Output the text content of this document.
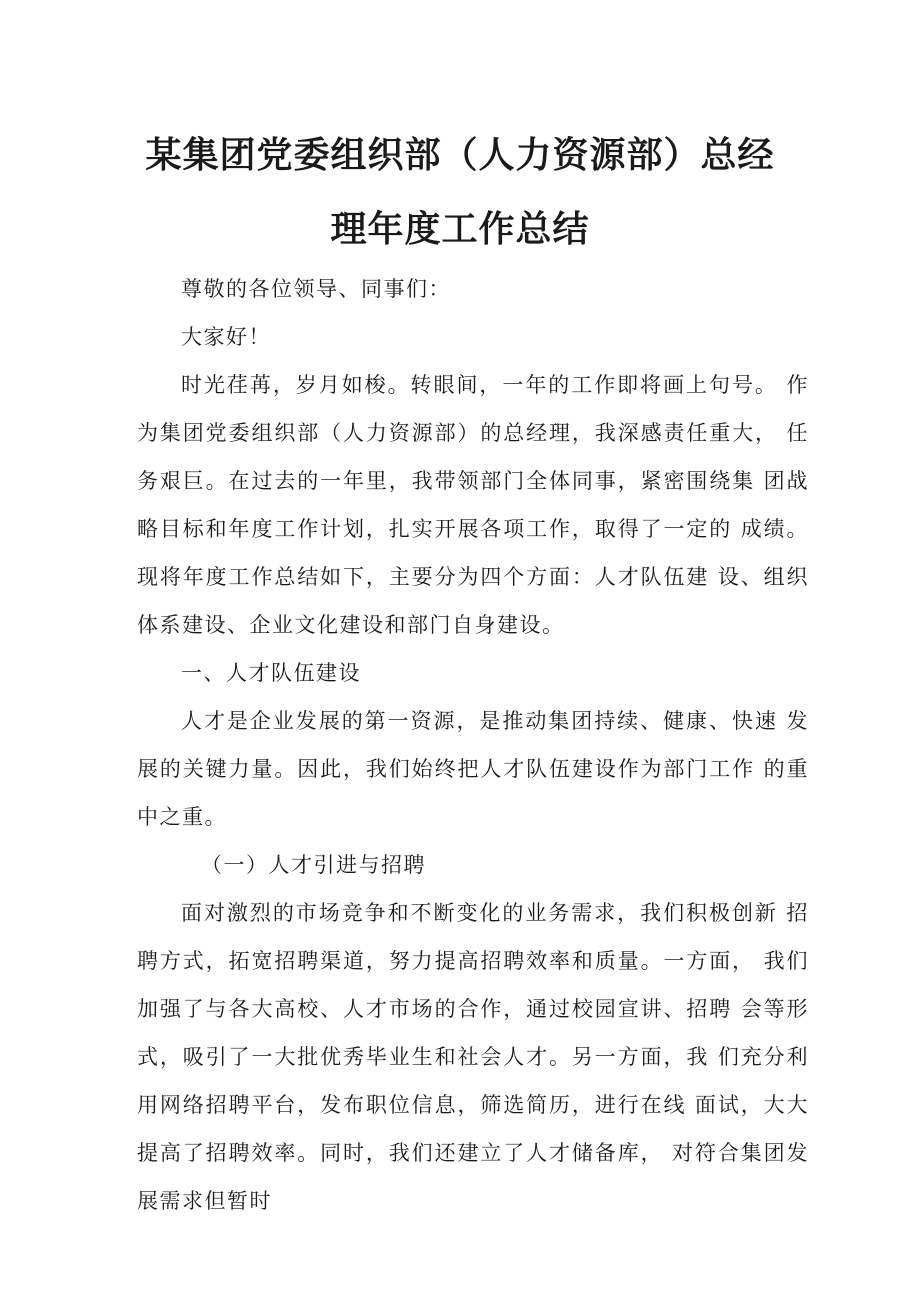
某集团党委组织部（人力资源部）总经
理年度工作总结

尊敬的各位领导、同事们：

大家好！

时光荏苒，岁月如梭。转眼间，一年的工作即将画上句号。 作为集团党委组织部（人力资源部）的总经理，我深感责任重大， 任务艰巨。在过去的一年里，我带领部门全体同事，紧密围绕集 团战略目标和年度工作计划，扎实开展各项工作，取得了一定的 成绩。现将年度工作总结如下，主要分为四个方面：人才队伍建 设、组织体系建设、企业文化建设和部门自身建设。

一、人才队伍建设

人才是企业发展的第一资源，是推动集团持续、健康、快速 发展的关键力量。因此，我们始终把人才队伍建设作为部门工作 的重中之重。

（一）人才引进与招聘

面对激烈的市场竞争和不断变化的业务需求，我们积极创新 招聘方式，拓宽招聘渠道，努力提高招聘效率和质量。一方面， 我们加强了与各大高校、人才市场的合作，通过校园宣讲、招聘 会等形式，吸引了一大批优秀毕业生和社会人才。另一方面，我 们充分利用网络招聘平台，发布职位信息，筛选简历，进行在线 面试，大大提高了招聘效率。同时，我们还建立了人才储备库， 对符合集团发展需求但暂时
